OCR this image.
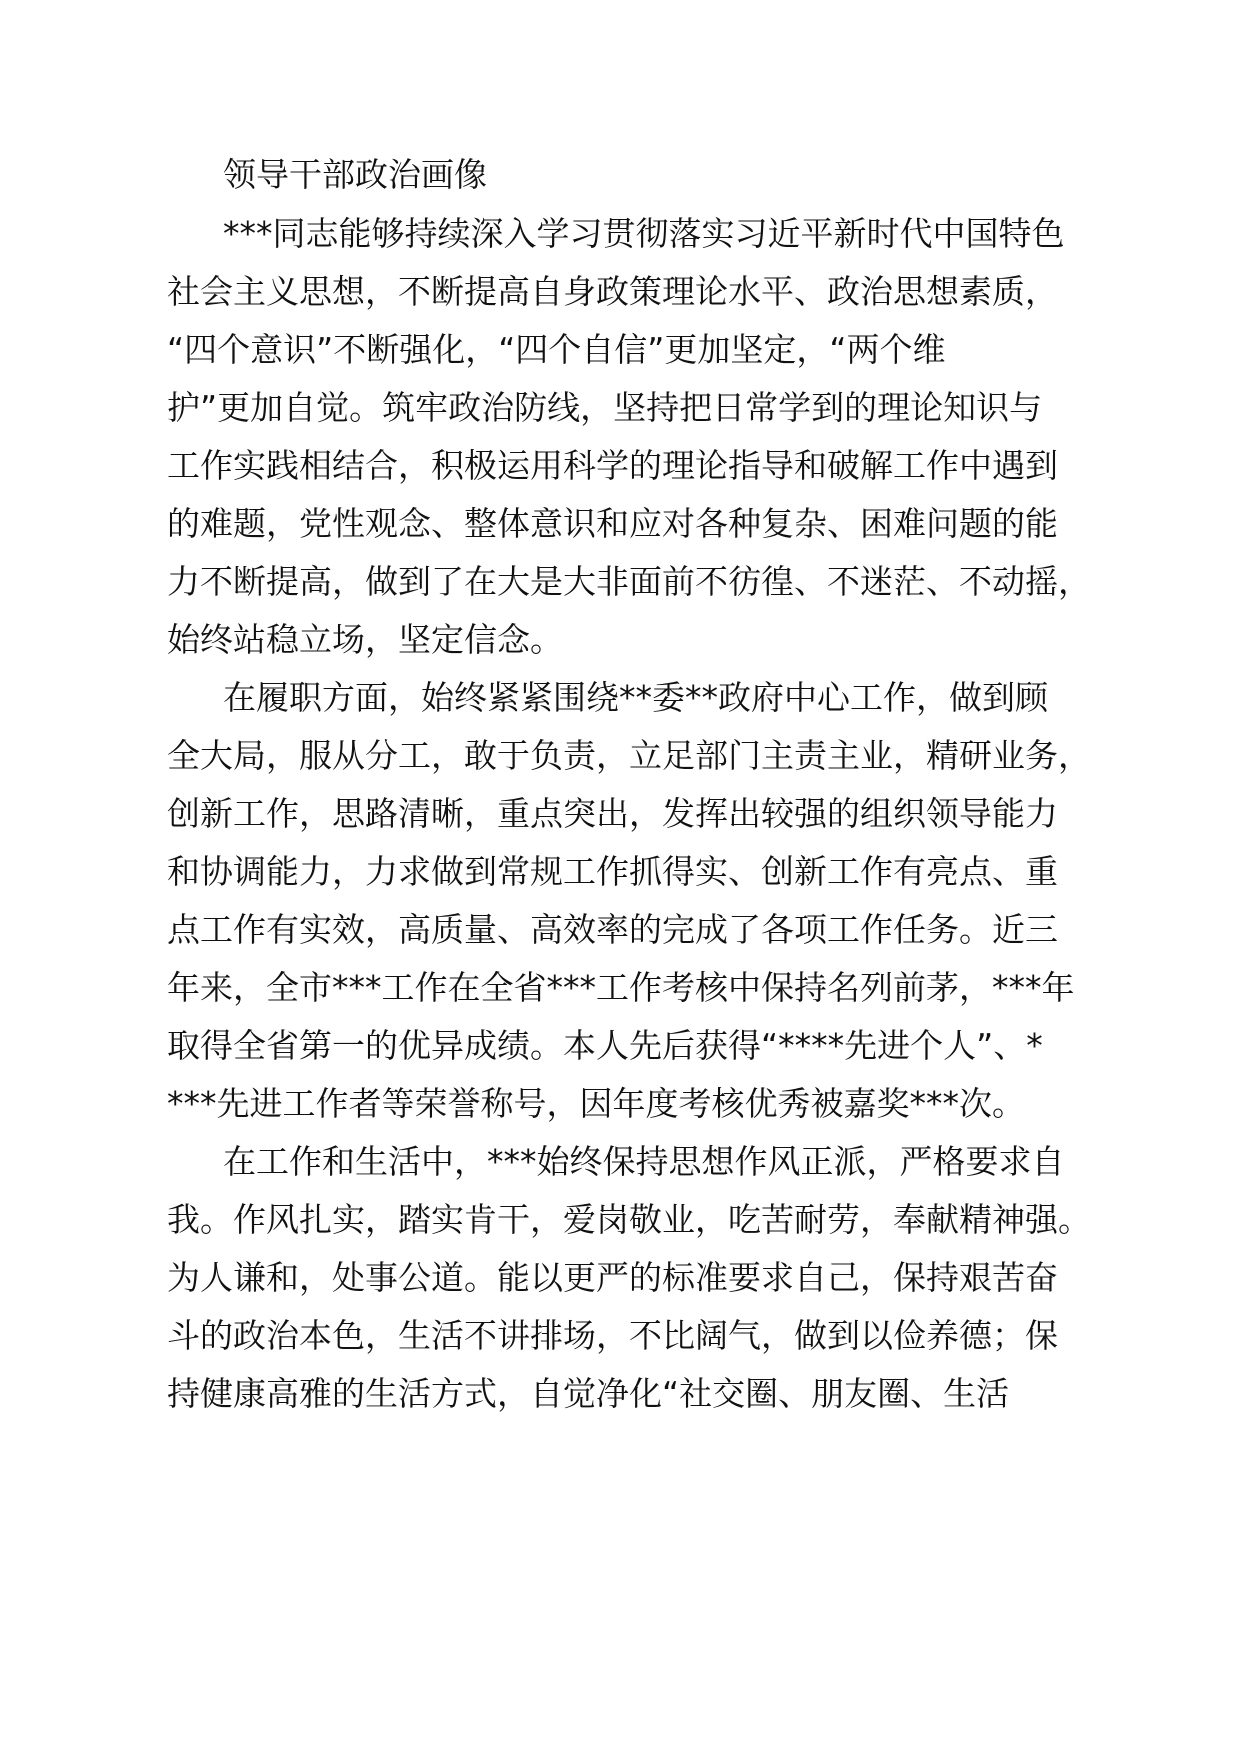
领导干部政治画像
***同志能够持续深入学习贯彻落实习近平新时代中国特色
社会主义思想，不断提高自身政策理论水平、政治思想素质，
“四个意识”不断强化，“四个自信”更加坚定，“两个维
护”更加自觉。筑牢政治防线，坚持把日常学到的理论知识与
工作实践相结合，积极运用科学的理论指导和破解工作中遇到
的难题，党性观念、整体意识和应对各种复杂、困难问题的能
力不断提高，做到了在大是大非面前不彷徨、不迷茫、不动摇，
始终站稳立场，坚定信念。
在履职方面，始终紧紧围绕**委**政府中心工作，做到顾
全大局，服从分工，敢于负责，立足部门主责主业，精研业务，
创新工作，思路清晰，重点突出，发挥出较强的组织领导能力
和协调能力，力求做到常规工作抓得实、创新工作有亮点、重
点工作有实效，高质量、高效率的完成了各项工作任务。近三
年来，全市***工作在全省***工作考核中保持名列前茅，***年
取得全省第一的优异成绩。本人先后获得“****先进个人”、*
***先进工作者等荣誉称号，因年度考核优秀被嘉奖***次。
在工作和生活中，***始终保持思想作风正派，严格要求自
我。作风扎实，踏实肯干，爱岗敬业，吃苦耐劳，奉献精神强。
为人谦和，处事公道。能以更严的标准要求自己，保持艰苦奋
斗的政治本色，生活不讲排场，不比阔气，做到以俭养德；保
持健康高雅的生活方式，自觉净化“社交圈、朋友圈、生活
